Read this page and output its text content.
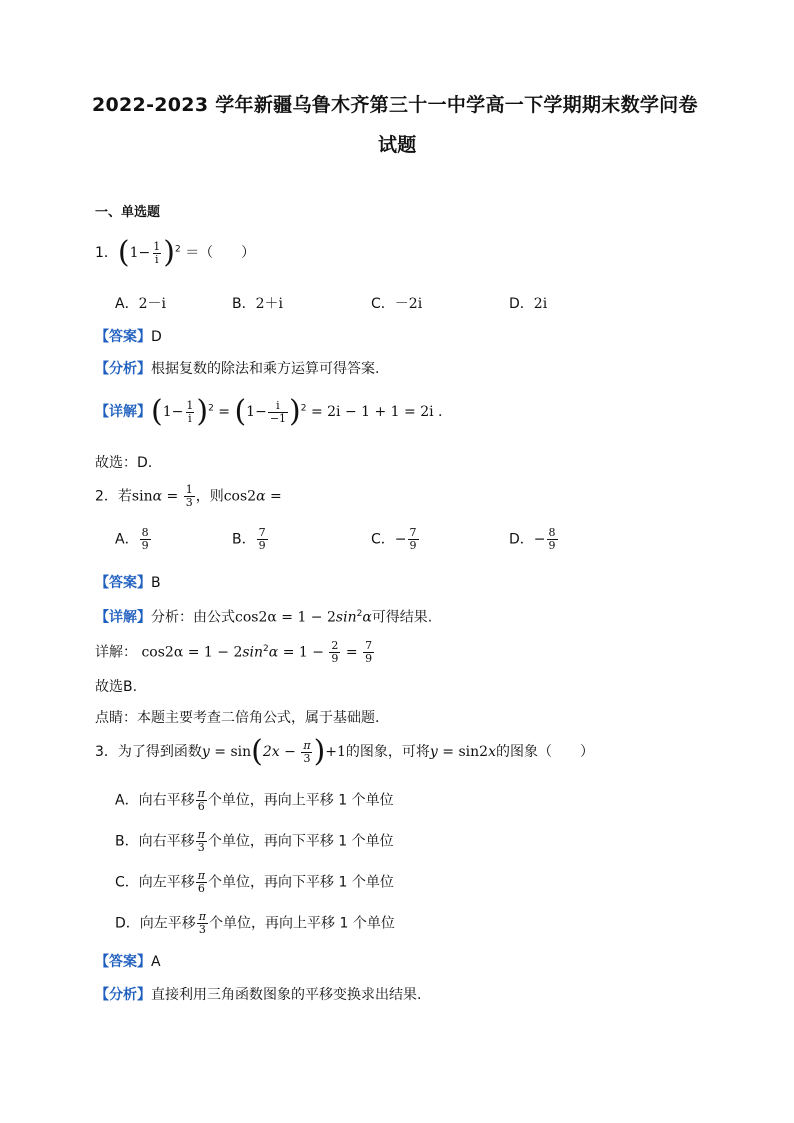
2022-2023 学年新疆乌鲁木齐第三十一中学高一下学期期末数学问卷
试题
一、单选题
1．$(1- \frac{1}{i} )^2$ ＝（　　）
A．2－i	B．2＋i	C．－2i	D．2i
【答案】D
【分析】根据复数的除法和乘方运算可得答案.
【详解】$(1- \frac{1}{i} )^2 = (1- \frac{i}{-1} )^2 = 2i - 1 + 1 = 2i$ .
故选：D.
2．若$\sin\alpha = \frac{1}{3}$ ，则cos2α =
A． $\frac{8}{9}$	B． $\frac{7}{9}$	C．− $\frac{7}{9}$	D．− $\frac{8}{9}$
【答案】B
【详解】分析：由公式$\cos 2\alpha = 1 - 2\sin^2\alpha$可得结果.
详解： $\cos 2\alpha = 1 - 2\sin^2\alpha = 1 - \frac{2}{9} = \frac{7}{9}$
故选B.
点睛：本题主要考查二倍角公式，属于基础题.
3．为了得到函数$y = \sin(2x - \frac{\pi}{3} )+1$的图象，可将y = sin2x的图象（　　）
A．向右平移 $\frac{\pi}{6}$ 个单位，再向上平移 1 个单位
B．向右平移 $\frac{\pi}{3}$ 个单位，再向下平移 1 个单位
C．向左平移 $\frac{\pi}{6}$ 个单位，再向下平移 1 个单位
D．向左平移 $\frac{\pi}{3}$ 个单位，再向上平移 1 个单位
【答案】A
【分析】直接利用三角函数图象的平移变换求出结果.
